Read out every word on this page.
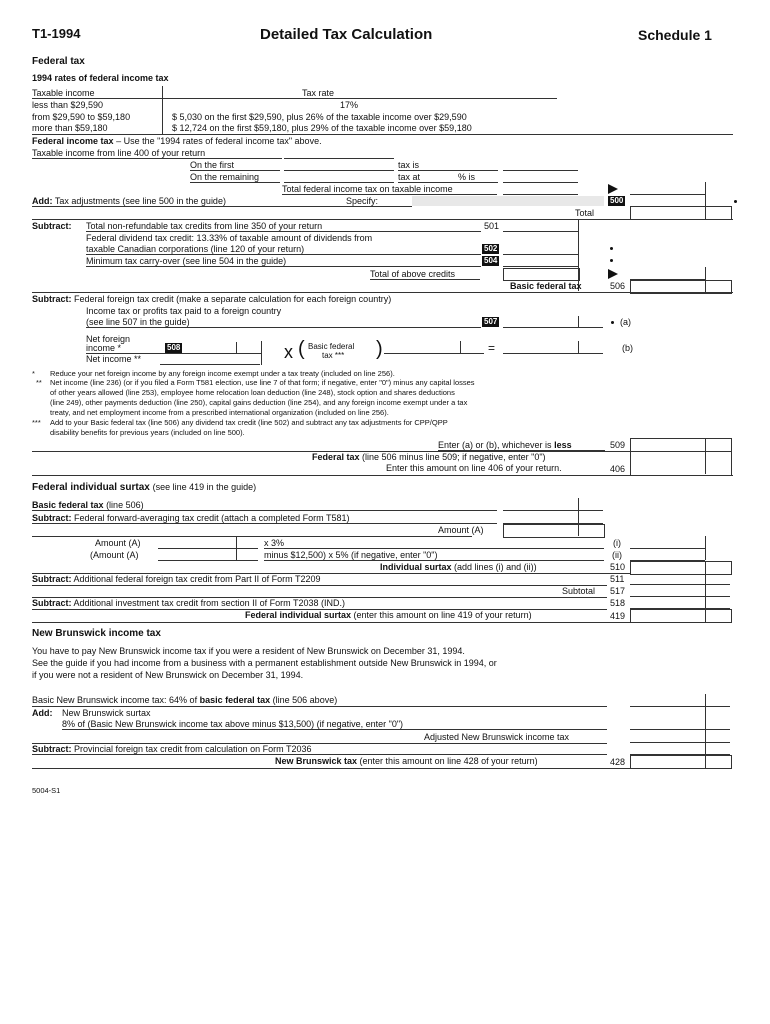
T1-1994	Detailed Tax Calculation	Schedule 1
Federal tax
1994 rates of federal income tax
Taxable income	Tax rate
less than $29,590	17%
from $29,590 to $59,180	$ 5,030 on the first $29,590, plus 26% of the taxable income over $29,590
more than $59,180	$ 12,724 on the first $59,180, plus 29% of the taxable income over $59,180
Federal income tax – Use the "1994 rates of federal income tax" above.
Taxable income from line 400 of your return
On the first	tax is
On the remaining	tax at	% is
Total federal income tax on taxable income
Add: Tax adjustments (see line 500 in the guide)	Specify:	500
Total
Subtract: Total non-refundable tax credits from line 350 of your return	501
Federal dividend tax credit: 13.33% of taxable amount of dividends from
taxable Canadian corporations (line 120 of your return)	502
Minimum tax carry-over (see line 504 in the guide)	504
Total of above credits
Basic federal tax	506
Subtract: Federal foreign tax credit (make a separate calculation for each foreign country)
Income tax or profits tax paid to a foreign country
(see line 507 in the guide)	507	(a)
Net foreign
income *	508
Net income **	x ( Basic federal
tax *** )	=	(b)
* Reduce your net foreign income by any foreign income exempt under a tax treaty (included on line 256).
** Net income (line 236) (or if you filed a Form T581 election, use line 7 of that form; if negative, enter "0") minus any capital losses
of other years allowed (line 253), employee home relocation loan deduction (line 248), stock option and shares deductions
(line 249), other payments deduction (line 250), capital gains deduction (line 254), and any foreign income exempt under a tax
treaty, and net employment income from a prescribed international organization (included on line 256).
*** Add to your Basic federal tax (line 506) any dividend tax credit (line 502) and subtract any tax adjustments for CPP/QPP
disability benefits for previous years (included on line 500).
Enter (a) or (b), whichever is less	509
Federal tax (line 506 minus line 509; if negative, enter "0")
Enter this amount on line 406 of your return.	406
Federal individual surtax (see line 419 in the guide)
Basic federal tax (line 506)
Subtract: Federal forward-averaging tax credit (attach a completed Form T581)
Amount (A)
Amount (A)	x 3%	(i)
(Amount (A)	minus $12,500) x 5% (if negative, enter "0")	(ii)
Individual surtax (add lines (i) and (ii))	510
Subtract: Additional federal foreign tax credit from Part II of Form T2209	511
Subtotal 517
Subtract: Additional investment tax credit from section II of Form T2038 (IND.)	518
Federal individual surtax (enter this amount on line 419 of your return)	419
New Brunswick income tax
You have to pay New Brunswick income tax if you were a resident of New Brunswick on December 31, 1994.
See the guide if you had income from a business with a permanent establishment outside New Brunswick in 1994, or
if you were not a resident of New Brunswick on December 31, 1994.
Basic New Brunswick income tax: 64% of basic federal tax (line 506 above)
Add: New Brunswick surtax
8% of (Basic New Brunswick income tax above minus $13,500) (if negative, enter "0")
Adjusted New Brunswick income tax
Subtract: Provincial foreign tax credit from calculation on Form T2036
New Brunswick tax (enter this amount on line 428 of your return)	428
5004-S1
